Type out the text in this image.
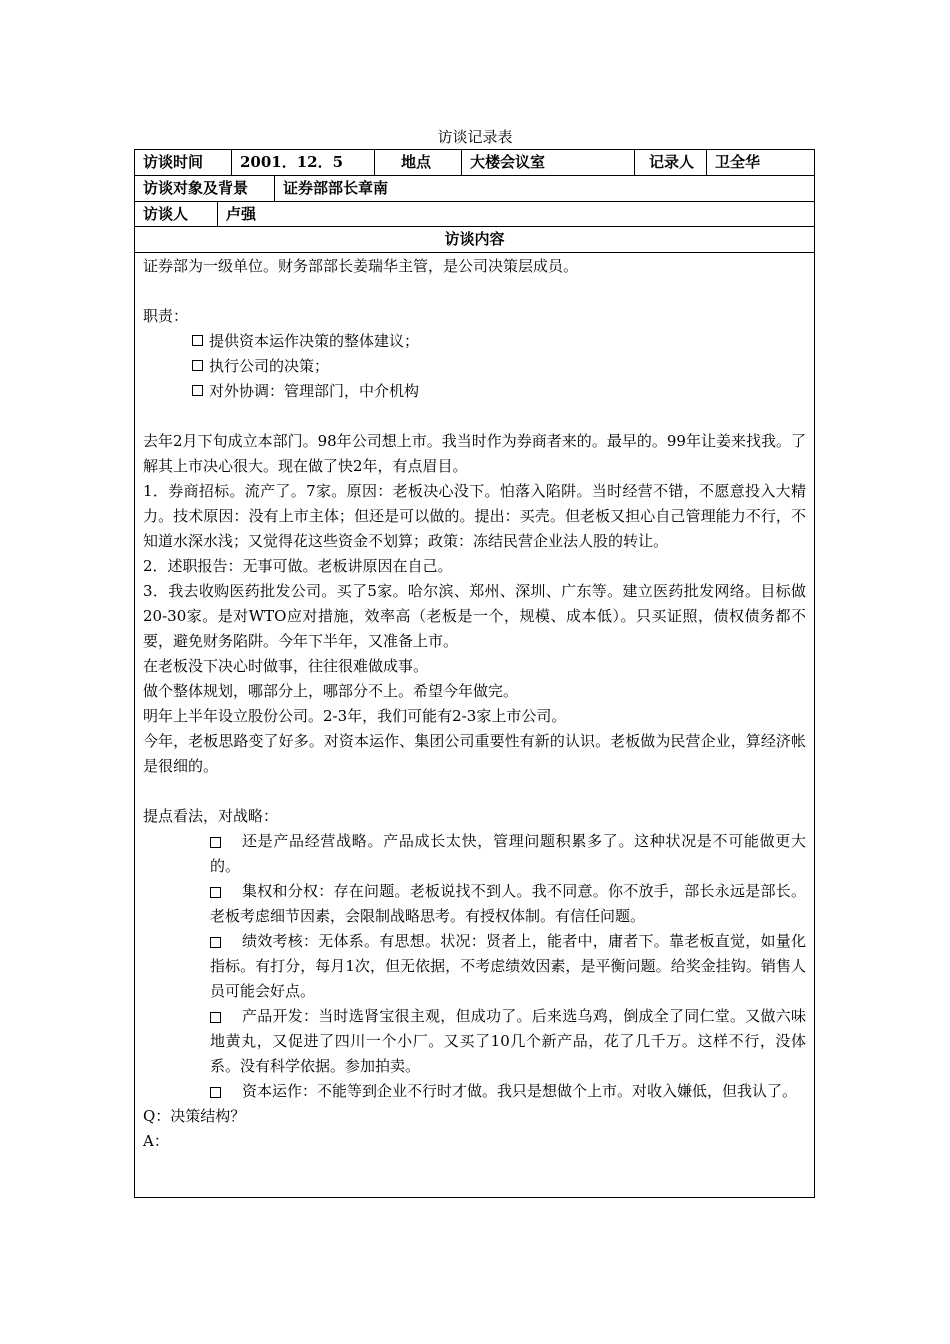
访谈记录表
访谈时间	2001．12．5	地点	大楼会议室	记录人	卫全华
访谈对象及背景	证券部部长章南
访谈人	卢强
访谈内容

证券部为一级单位。财务部部长姜瑞华主管，是公司决策层成员。

职责：

提供资本运作决策的整体建议；

执行公司的决策；

对外协调：管理部门，中介机构

去年2月下旬成立本部门。98年公司想上市。我当时作为券商者来的。最早的。99年让姜来找我。了解其上市决心很大。现在做了快2年，有点眉目。

1．券商招标。流产了。7家。原因：老板决心没下。怕落入陷阱。当时经营不错，不愿意投入大精力。技术原因：没有上市主体；但还是可以做的。提出：买壳。但老板又担心自己管理能力不行，不知道水深水浅；又觉得花这些资金不划算；政策：冻结民营企业法人股的转让。

2．述职报告：无事可做。老板讲原因在自己。

3．我去收购医药批发公司。买了5家。哈尔滨、郑州、深圳、广东等。建立医药批发网络。目标做20-30家。是对WTO应对措施，效率高（老板是一个，规模、成本低）。只买证照，债权债务都不要，避免财务陷阱。今年下半年，又准备上市。

在老板没下决心时做事，往往很难做成事。

做个整体规划，哪部分上，哪部分不上。希望今年做完。

明年上半年设立股份公司。2-3年，我们可能有2-3家上市公司。

今年，老板思路变了好多。对资本运作、集团公司重要性有新的认识。老板做为民营企业，算经济帐是很细的。

提点看法，对战略：

还是产品经营战略。产品成长太快，管理问题积累多了。这种状况是不可能做更大的。

集权和分权：存在问题。老板说找不到人。我不同意。你不放手，部长永远是部长。老板考虑细节因素，会限制战略思考。有授权体制。有信任问题。

绩效考核：无体系。有思想。状况：贤者上，能者中，庸者下。靠老板直觉，如量化指标。有打分，每月1次，但无依据，不考虑绩效因素，是平衡问题。给奖金挂钩。销售人员可能会好点。

产品开发：当时选肾宝很主观，但成功了。后来选乌鸡，倒成全了同仁堂。又做六味地黄丸，又促进了四川一个小厂。又买了10几个新产品，花了几千万。这样不行，没体系。没有科学依据。参加拍卖。

资本运作：不能等到企业不行时才做。我只是想做个上市。对收入嫌低，但我认了。

Q：决策结构？

A：
